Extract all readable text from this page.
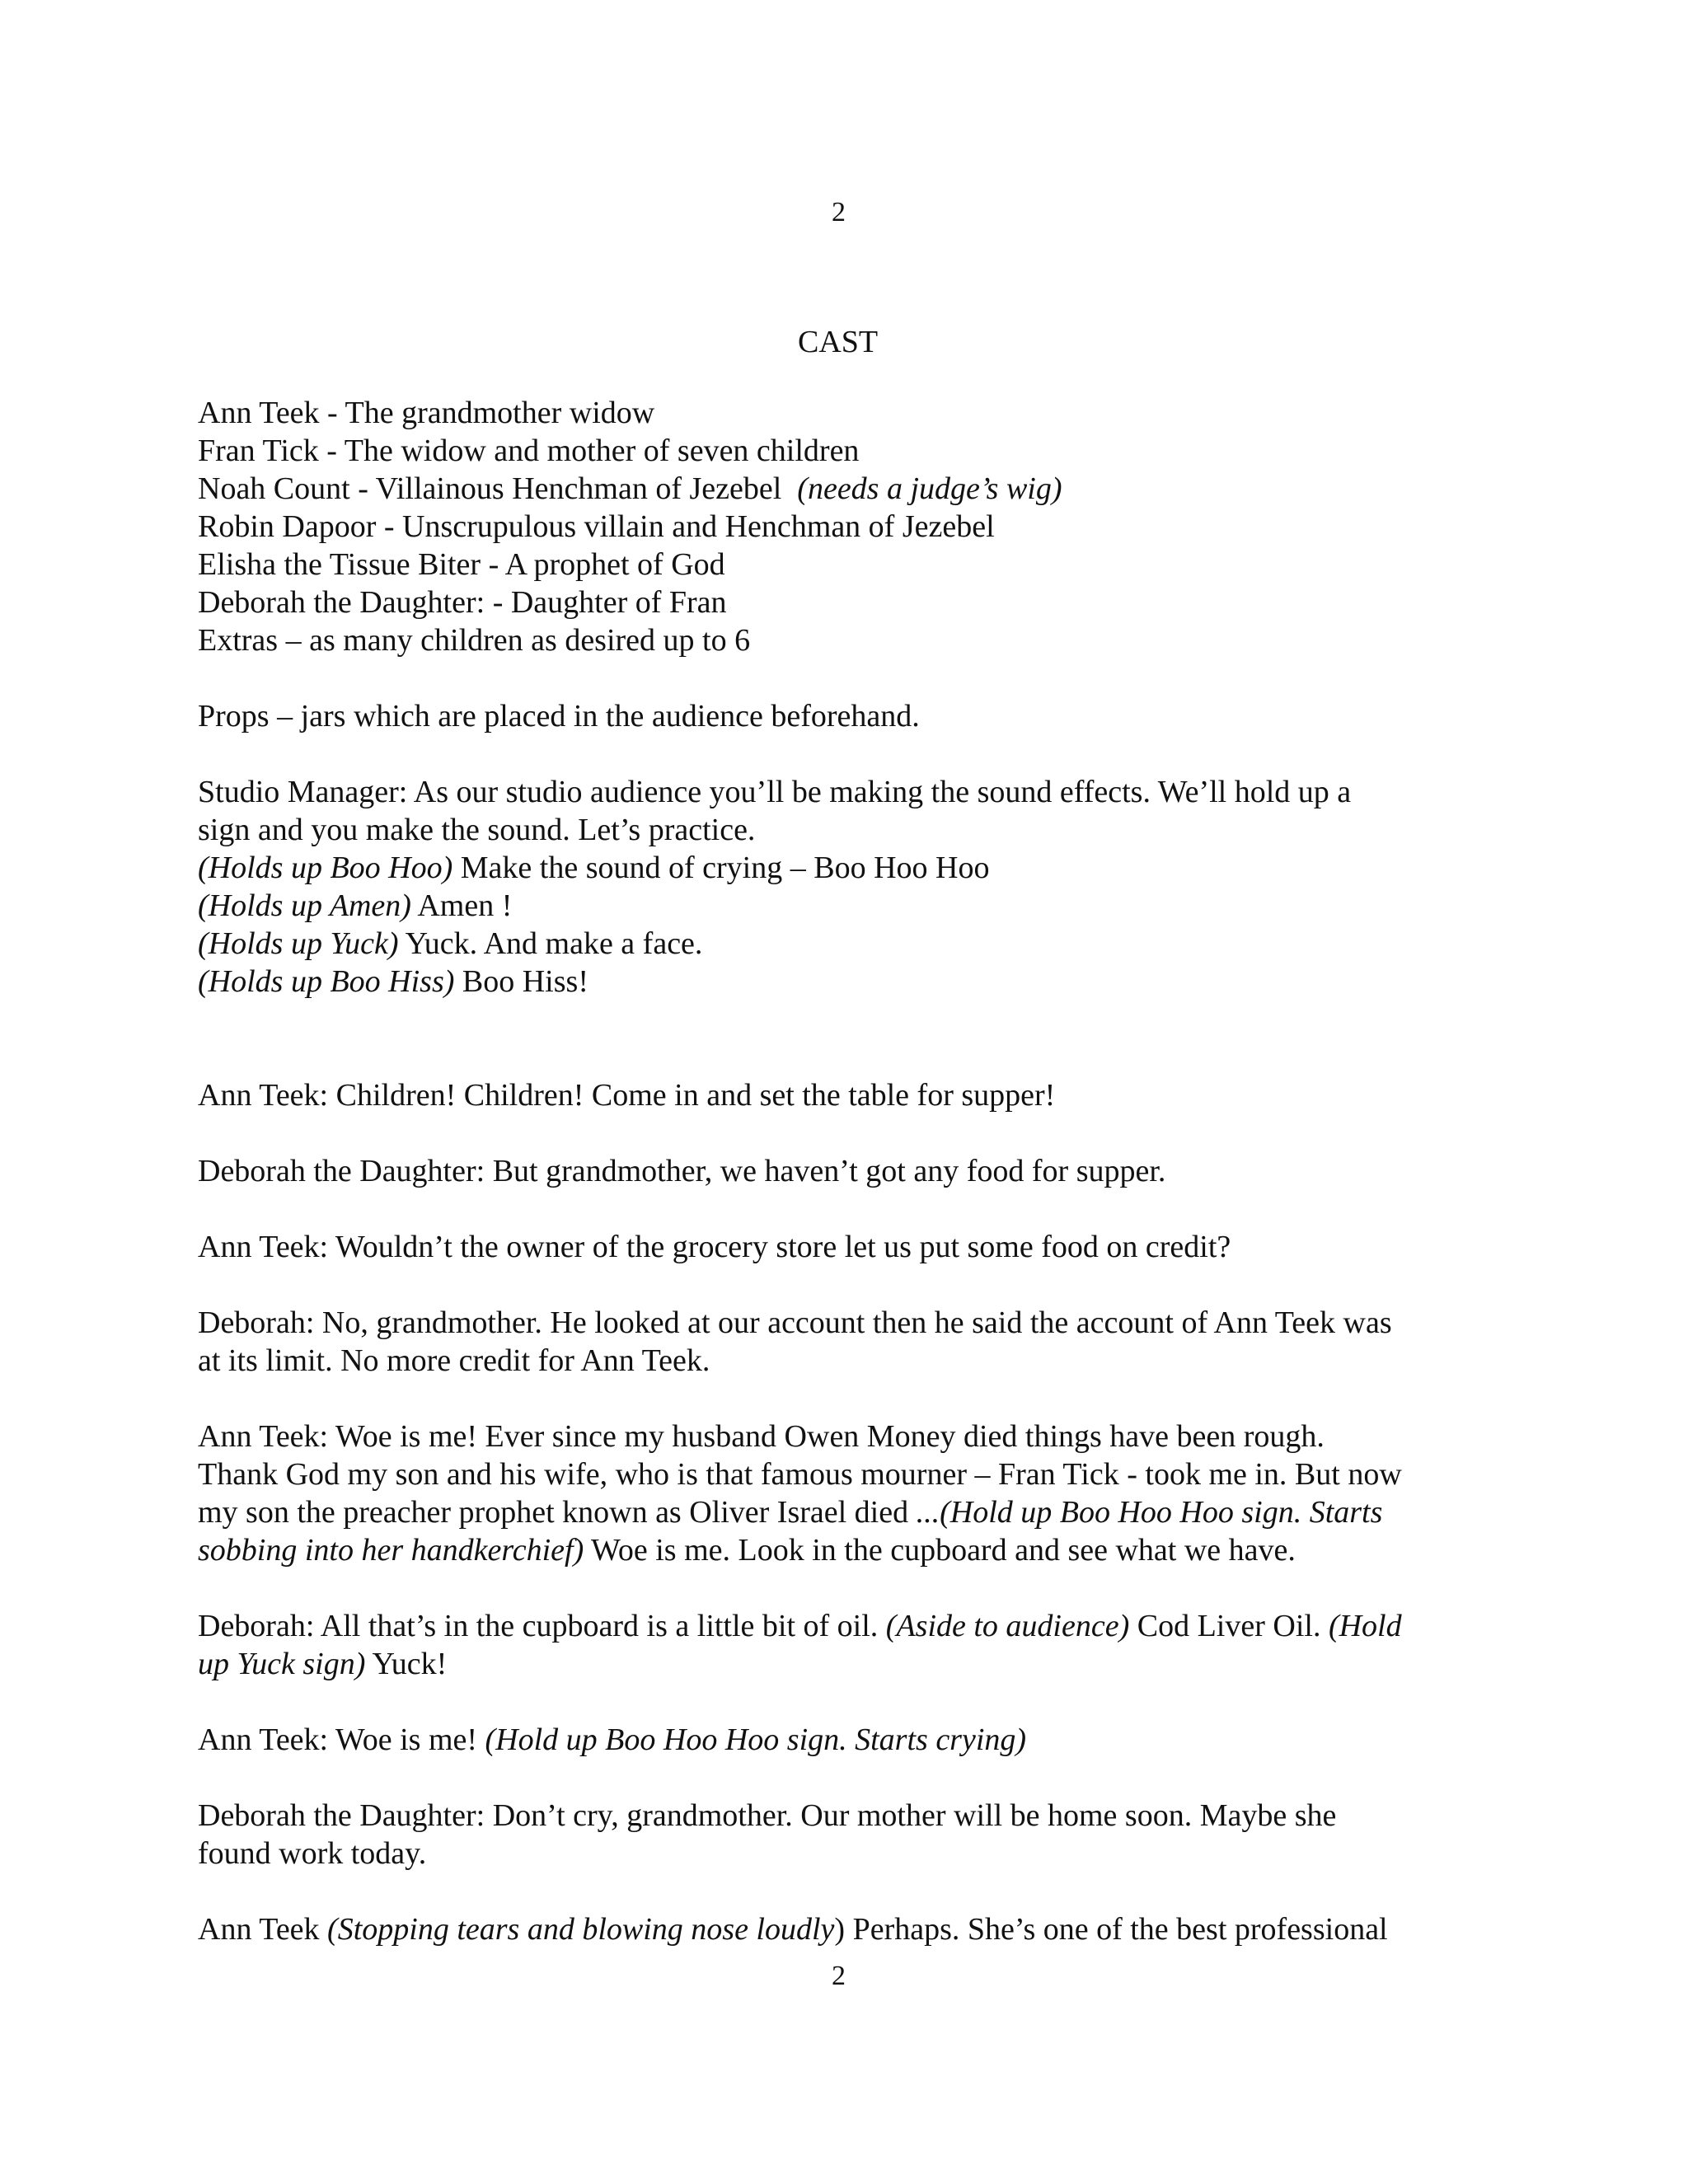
2
CAST
Ann Teek - The grandmother widow
Fran Tick - The widow and mother of seven children
Noah Count - Villainous Henchman of Jezebel (needs a judge’s wig)
Robin Dapoor - Unscrupulous villain and Henchman of Jezebel
Elisha the Tissue Biter - A prophet of God
Deborah the Daughter: - Daughter of Fran
Extras – as many children as desired up to 6
Props – jars which are placed in the audience beforehand.
Studio Manager: As our studio audience you’ll be making the sound effects. We’ll hold up a
sign and you make the sound. Let’s practice.
(Holds up Boo Hoo) Make the sound of crying – Boo Hoo Hoo
(Holds up Amen) Amen !
(Holds up Yuck) Yuck. And make a face.
(Holds up Boo Hiss) Boo Hiss!
Ann Teek: Children! Children! Come in and set the table for supper!
Deborah the Daughter: But grandmother, we haven’t got any food for supper.
Ann Teek: Wouldn’t the owner of the grocery store let us put some food on credit?
Deborah: No, grandmother. He looked at our account then he said the account of Ann Teek was
at its limit. No more credit for Ann Teek.
Ann Teek: Woe is me! Ever since my husband Owen Money died things have been rough.
Thank God my son and his wife, who is that famous mourner – Fran Tick - took me in. But now
my son the preacher prophet known as Oliver Israel died ...(Hold up Boo Hoo Hoo sign. Starts
sobbing into her handkerchief) Woe is me. Look in the cupboard and see what we have.
Deborah: All that’s in the cupboard is a little bit of oil. (Aside to audience) Cod Liver Oil. (Hold
up Yuck sign) Yuck!
Ann Teek: Woe is me! (Hold up Boo Hoo Hoo sign. Starts crying)
Deborah the Daughter: Don’t cry, grandmother. Our mother will be home soon. Maybe she
found work today.
Ann Teek (Stopping tears and blowing nose loudly) Perhaps. She’s one of the best professional
2
